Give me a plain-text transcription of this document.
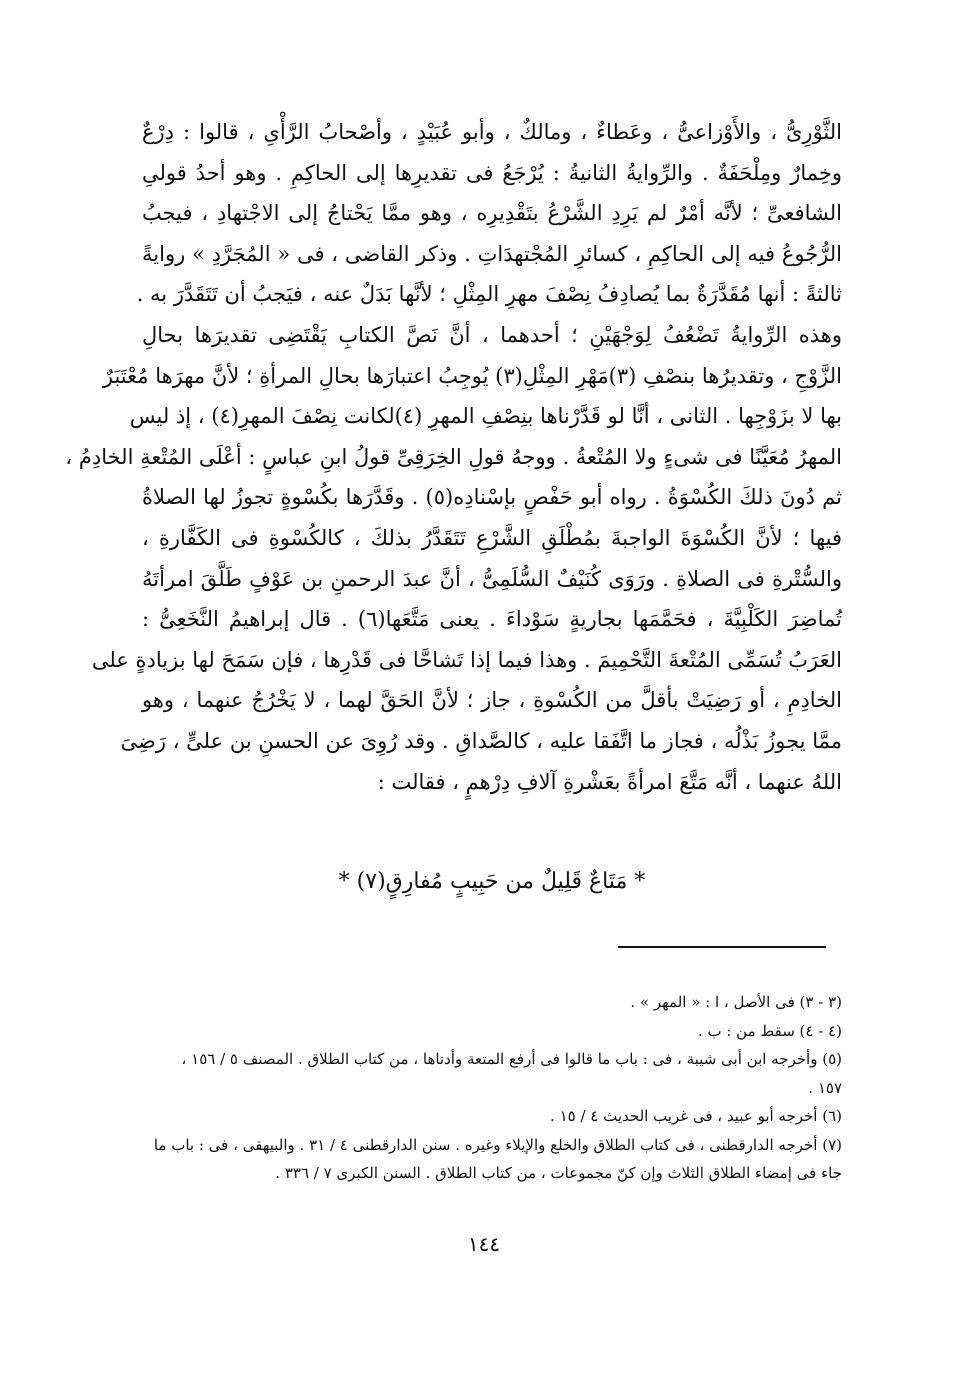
الثَّوْرِىُّ ، والأَوْزاعىُّ ، وعَطاءٌ ، ومالكٌ ، وأبو عُبَيْدٍ ، وأصْحابُ الرَّأْىِ ، قالوا : دِرْعٌ
وخِمارٌ ومِلْحَفَةٌ . والرِّوايةُ الثانيةُ : يُرْجَعُ فى تقديرِها إلى الحاكِمِ . وهو أحدُ قولىِ
الشافعىِّ ؛ لأنَّه أمْرٌ لم يَرِدِ الشَّرْعُ بتَقْدِيرِه ، وهو ممَّا يَحْتاجُ إلى الاجْتهادِ ، فيجبُ
الرُّجُوعُ فيه إلى الحاكِمِ ، كسائرِ المُجْتهدَاتِ . وذكر القاضى ، فى « المُجَرَّدِ » روايةً
ثالثةً : أنها مُقَدَّرَةٌ بما يُصادِفُ نِصْفَ مهرِ المِثْلِ ؛ لأنَّها بَدَلٌ عنه ، فيَجبُ أن تَتَقَدَّرَ به .
وهذه الرِّوايةُ تَضْعُفُ لِوَجْهَيْنِ ؛ أحدهما ، أنَّ نَصَّ الكتابِ يَقْتَضِى تقديرَها بحالِ
الزَّوْجِ ، وتقديرُها بنصْفِ (٣)مَهْرِ المِثْلِ(٣) يُوجِبُ اعتبارَها بحالِ المرأةِ ؛ لأنَّ مهرَها مُعْتَبَرٌ
بها لا بزَوْجِها . الثانى ، أنَّا لو قَدَّرْناها بنِصْفِ المهرِ (٤)لكانت نِصْفَ المهرِ(٤) ، إذ ليس
المهرُ مُعَيَّنًا فى شىءٍ ولا المُتْعةُ . ووجهُ قولِ الخِرَقِىِّ قولُ ابنِ عباسٍ : أعْلَى المُتْعةِ الخادِمُ ،
ثم دُونَ ذلكَ الكُسْوَةُ . رواه أبو حَفْصٍ بإسْنادِه(٥) . وقَدَّرَها بكُسْوةٍ تجوزُ لها الصلاةُ
فيها ؛ لأنَّ الكُسْوَةَ الواجبةَ بمُطْلَقِ الشَّرْعِ تَتَقَدَّرُ بذلكَ ، كالكُسْوةِ فى الكَفَّارةِ ،
والسُّتْرةِ فى الصلاةِ . ورَوَى كُنَيْفٌ السُّلَمِىُّ ، أنَّ عبدَ الرحمنِ بن عَوْفٍ طَلَّقَ امرأتَهُ
تُماضِرَ الكَلْبِيَّةَ ، فحَمَّمَها بجاريةٍ سَوْداءَ . يعنى مَتَّعَها(٦) . قال إبراهيمُ النَّخَعِىُّ :
العَرَبُ تُسَمِّى المُتْعةَ التَّحْمِيمَ . وهذا فيما إذا تَشاحَّا فى قَدْرِها ، فإن سَمَحَ لها بزيادةٍ على
الخادِمِ ، أو رَضِيَتْ بأقلَّ من الكُسْوةِ ، جاز ؛ لأنَّ الحَقَّ لهما ، لا يَخْرُجُ عنهما ، وهو
ممَّا يجوزُ بَذْلُه ، فجاز ما اتَّفَقا عليه ، كالصَّداقِ . وقد رُوِىَ عن الحسنِ بن علىٍّ ، رَضِىَ
اللهُ عنهما ، أنَّه مَتَّعَ امرأةً بعَشْرةِ آلافِ دِرْهمٍ ، فقالت :
* مَتَاعٌ قَلِيلٌ من حَبِيبٍ مُفارِقٍ(٧) *
(٣ - ٣) فى الأصل ، ا : « المهر » .
(٤ - ٤) سقط من : ب .
(٥) وأخرجه ابن أبى شيبة ، فى : باب ما قالوا فى أرفع المتعة وأدناها ، من كتاب الطلاق . المصنف ٥ / ١٥٦ ،
١٥٧ .
(٦) أخرجه أبو عبيد ، فى غريب الحديث ٤ / ١٥ .
(٧) أخرجه الدارقطنى ، فى كتاب الطلاق والخلع والإيلاء وغيره . سنن الدارقطنى ٤ / ٣١ . والبيهقى ، فى : باب ما
جاء فى إمضاء الطلاق الثلاث وإن كنّ مجموعات ، من كتاب الطلاق . السنن الكبرى ٧ / ٣٣٦ .
١٤٤
